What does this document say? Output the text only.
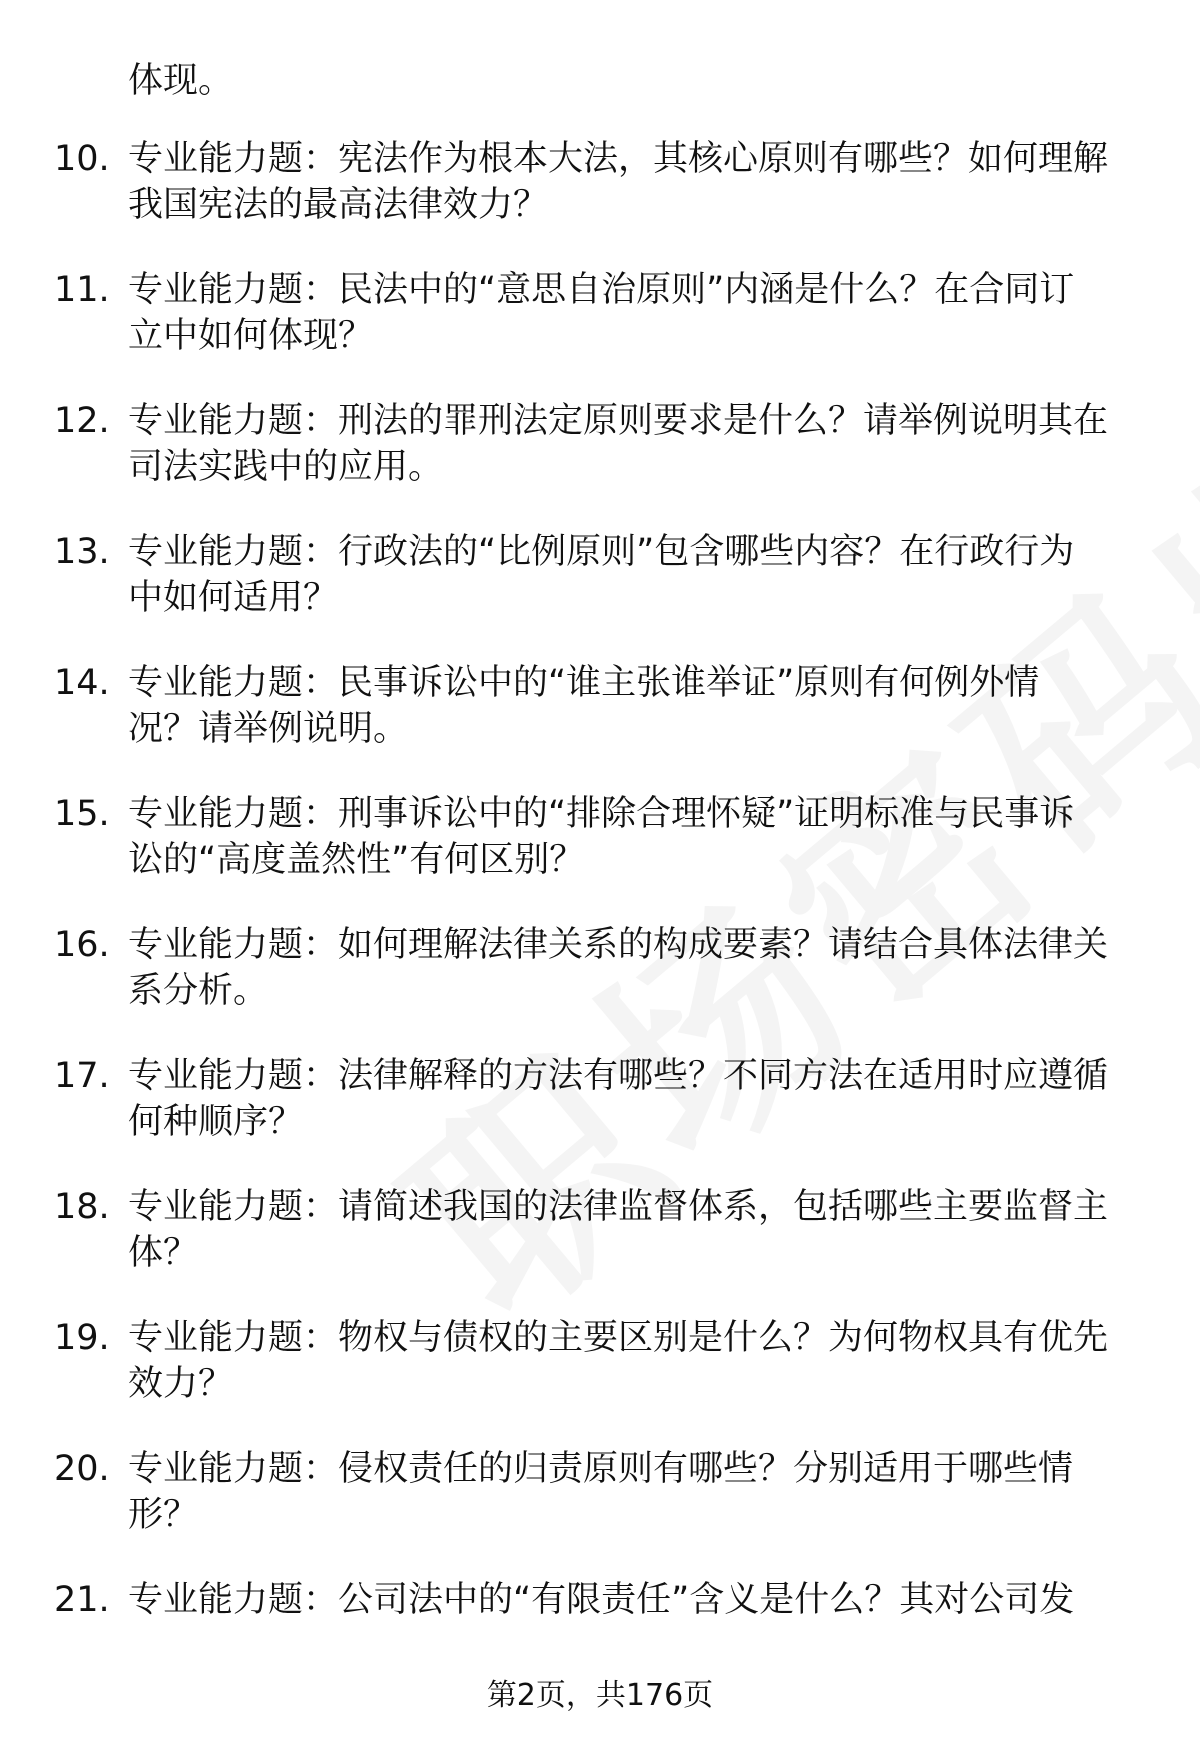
体现。
10. 专业能力题：宪法作为根本大法，其核心原则有哪些？如何理解
我国宪法的最高法律效力？
11. 专业能力题：民法中的“意思自治原则”内涵是什么？在合同订
立中如何体现？
12. 专业能力题：刑法的罪刑法定原则要求是什么？请举例说明其在
司法实践中的应用。
13. 专业能力题：行政法的“比例原则”包含哪些内容？在行政行为
中如何适用？
14. 专业能力题：民事诉讼中的“谁主张谁举证”原则有何例外情
况？请举例说明。
15. 专业能力题：刑事诉讼中的“排除合理怀疑”证明标准与民事诉
讼的“高度盖然性”有何区别？
16. 专业能力题：如何理解法律关系的构成要素？请结合具体法律关
系分析。
17. 专业能力题：法律解释的方法有哪些？不同方法在适用时应遵循
何种顺序？
18. 专业能力题：请简述我国的法律监督体系，包括哪些主要监督主
体？
19. 专业能力题：物权与债权的主要区别是什么？为何物权具有优先
效力？
20. 专业能力题：侵权责任的归责原则有哪些？分别适用于哪些情
形？
21. 专业能力题：公司法中的“有限责任”含义是什么？其对公司发
第2页，共176页
